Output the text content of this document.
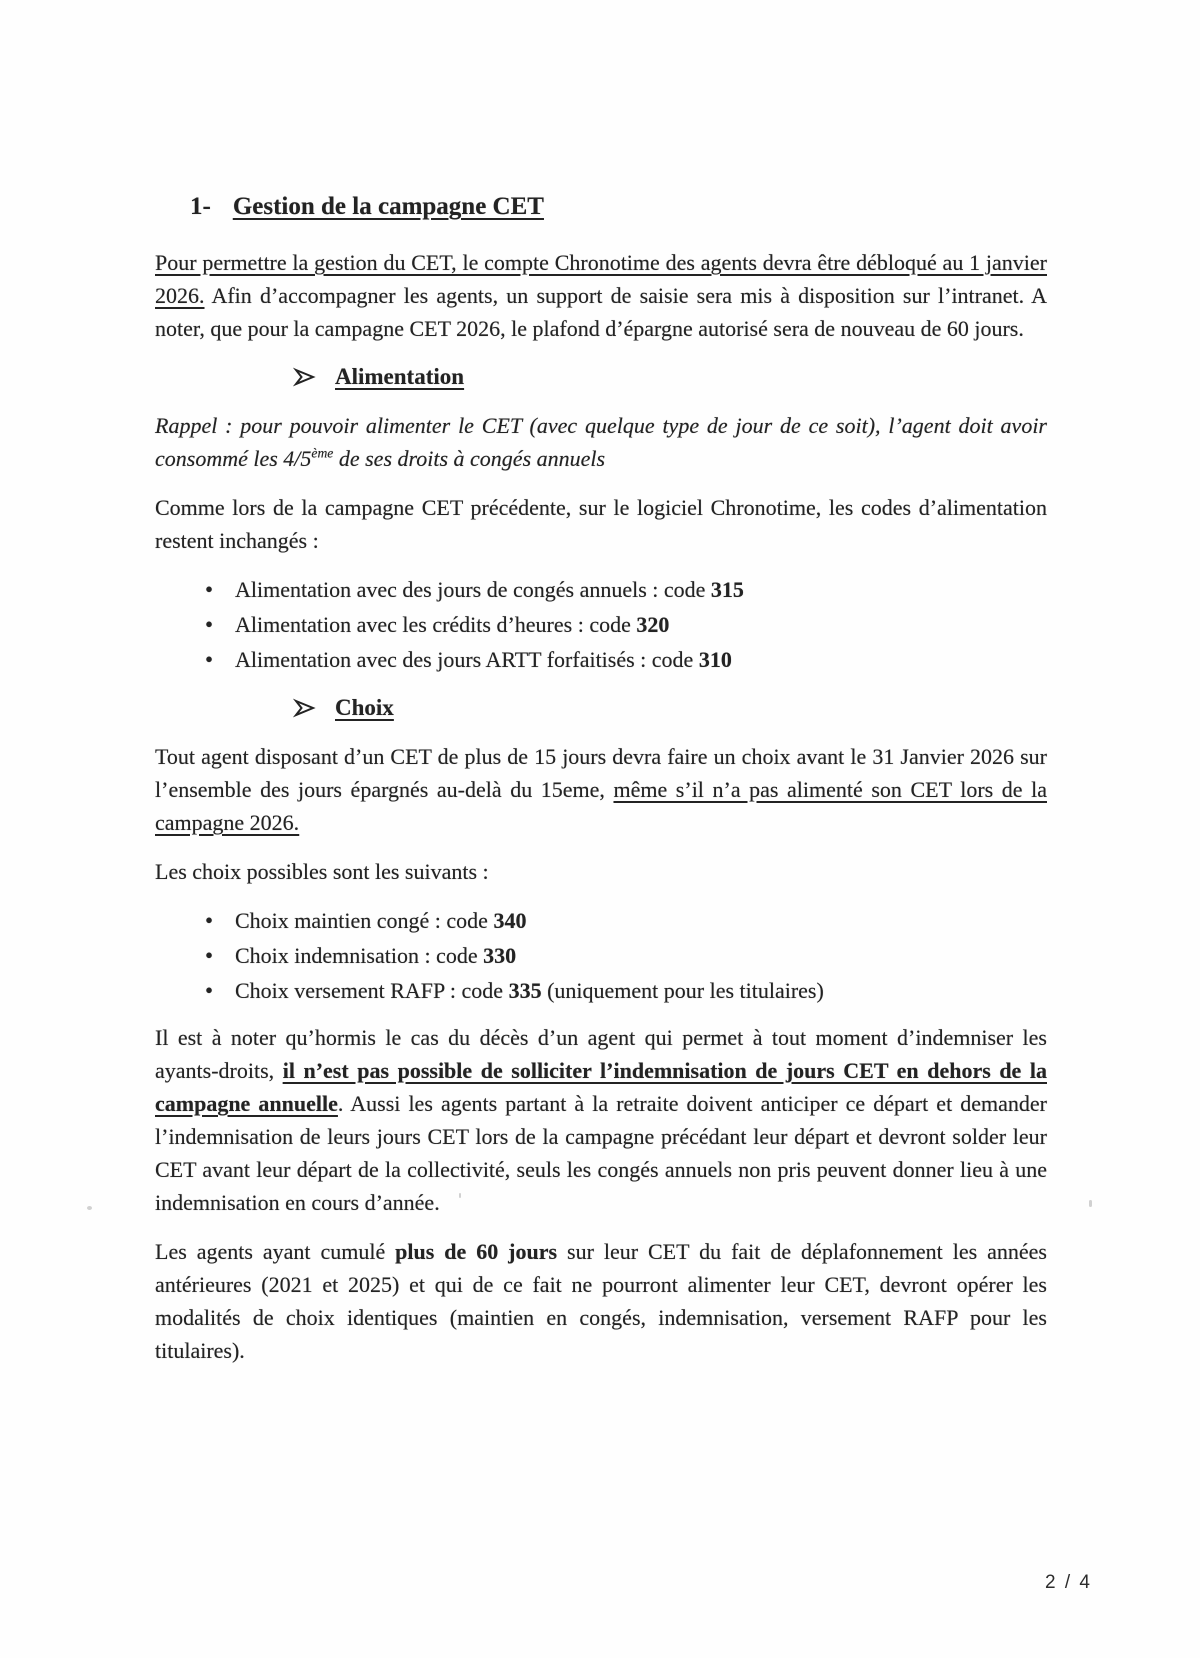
1- Gestion de la campagne CET

Pour permettre la gestion du CET, le compte Chronotime des agents devra être débloqué au 1 janvier 2026. Afin d’accompagner les agents, un support de saisie sera mis à disposition sur l’intranet. A noter, que pour la campagne CET 2026, le plafond d’épargne autorisé sera de nouveau de 60 jours.

Alimentation

Rappel : pour pouvoir alimenter le CET (avec quelque type de jour de ce soit), l’agent doit avoir consommé les 4/5ème de ses droits à congés annuels

Comme lors de la campagne CET précédente, sur le logiciel Chronotime, les codes d’alimentation restent inchangés :

• Alimentation avec des jours de congés annuels : code 315
• Alimentation avec les crédits d’heures : code 320
• Alimentation avec des jours ARTT forfaitisés : code 310
Choix

Tout agent disposant d’un CET de plus de 15 jours devra faire un choix avant le 31 Janvier 2026 sur l’ensemble des jours épargnés au-delà du 15eme, même s’il n’a pas alimenté son CET lors de la campagne 2026.

Les choix possibles sont les suivants :

• Choix maintien congé : code 340
• Choix indemnisation : code 330
• Choix versement RAFP : code 335 (uniquement pour les titulaires)

Il est à noter qu’hormis le cas du décès d’un agent qui permet à tout moment d’indemniser les ayants-droits, il n’est pas possible de solliciter l’indemnisation de jours CET en dehors de la campagne annuelle. Aussi les agents partant à la retraite doivent anticiper ce départ et demander l’indemnisation de leurs jours CET lors de la campagne précédant leur départ et devront solder leur CET avant leur départ de la collectivité, seuls les congés annuels non pris peuvent donner lieu à une indemnisation en cours d’année.

Les agents ayant cumulé plus de 60 jours sur leur CET du fait de déplafonnement les années antérieures (2021 et 2025) et qui de ce fait ne pourront alimenter leur CET, devront opérer les modalités de choix identiques (maintien en congés, indemnisation, versement RAFP pour les titulaires).

2 / 4
